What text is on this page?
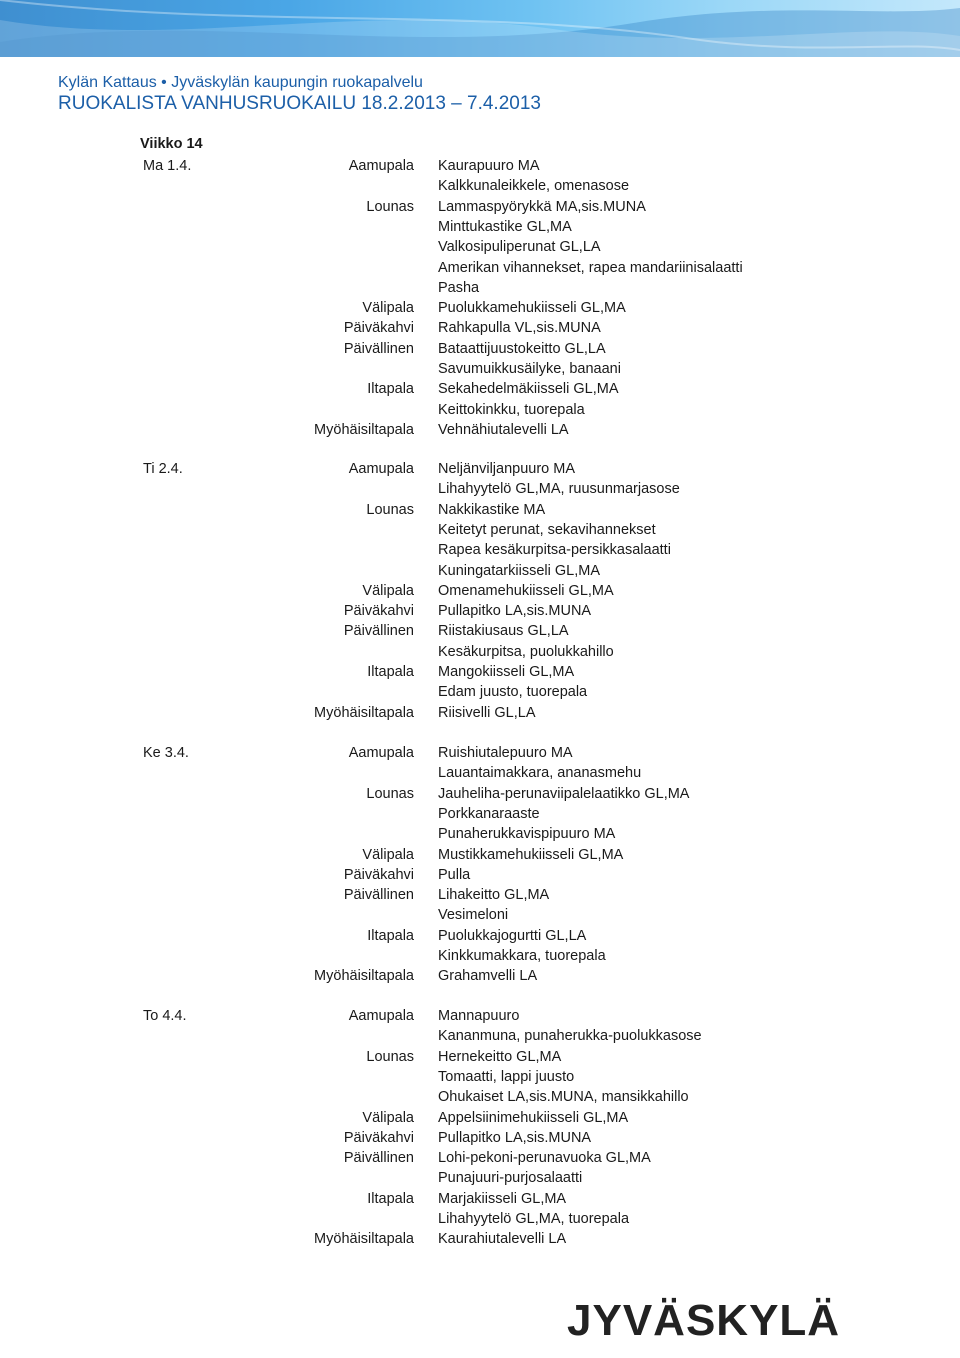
Kylän Kattaus • Jyväskylän kaupungin ruokapalvelu
RUOKALISTA VANHUSRUOKAILU 18.2.2013 – 7.4.2013
Viikko 14
Ma 1.4.	Aamupala Kaurapuuro MA
Kalkkunaleikkele, omenasose
Lounas Lammaspyörykkä MA,sis.MUNA
Minttukastike GL,MA
Valkosipuliperunat GL,LA
Amerikan vihannekset, rapea mandariinisalaatti
Pasha
Välipala Puolukkamehukiisseli GL,MA
Päiväkahvi Rahkapulla VL,sis.MUNA
Päivällinen Bataattijuustokeitto GL,LA
Savumuikkusäilyke, banaani
Iltapala Sekahedelmäkiisseli GL,MA
Keittokinkku, tuorepala
Myöhäisiltapala Vehnähiutalevelli LA
Ti 2.4.	Aamupala Neljänviljanpuuro MA
Lihahyytelö GL,MA, ruusunmarjasose
Lounas Nakkikastike MA
Keitetyt perunat, sekavihannekset
Rapea kesäkurpitsa-persikkasalaatti
Kuningatarkiisseli GL,MA
Välipala Omenamehukiisseli GL,MA
Päiväkahvi Pullapitko LA,sis.MUNA
Päivällinen Riistakiusaus GL,LA
Kesäkurpitsa, puolukkahillo
Iltapala Mangokiisseli GL,MA
Edam juusto, tuorepala
Myöhäisiltapala Riisivelli GL,LA
Ke 3.4.	Aamupala Ruishiutalepuuro MA
Lauantaimakkara, ananasmehu
Lounas Jauheliha-perunaviipalelaatikko GL,MA
Porkkanaraaste
Punaherukkavispipuuro MA
Välipala Mustikkamehukiisseli GL,MA
Päiväkahvi Pulla
Päivällinen Lihakeitto GL,MA
Vesimeloni
Iltapala Puolukkajogurtti GL,LA
Kinkkumakkara, tuorepala
Myöhäisiltapala Grahamvelli LA
To 4.4.	Aamupala Mannapuuro
Kananmuna, punaherukka-puolukkasose
Lounas Hernekeitto GL,MA
Tomaatti, lappi juusto
Ohukaiset LA,sis.MUNA, mansikkahillo
Välipala Appelsiinimehukiisseli GL,MA
Päiväkahvi Pullapitko LA,sis.MUNA
Päivällinen Lohi-pekoni-perunavuoka GL,MA
Punajuuri-purjosalaatti
Iltapala Marjakiisseli GL,MA
Lihahyytelö GL,MA, tuorepala
Myöhäisiltapala Kaurahiutalevelli LA
JYVÄSKYLÄ
